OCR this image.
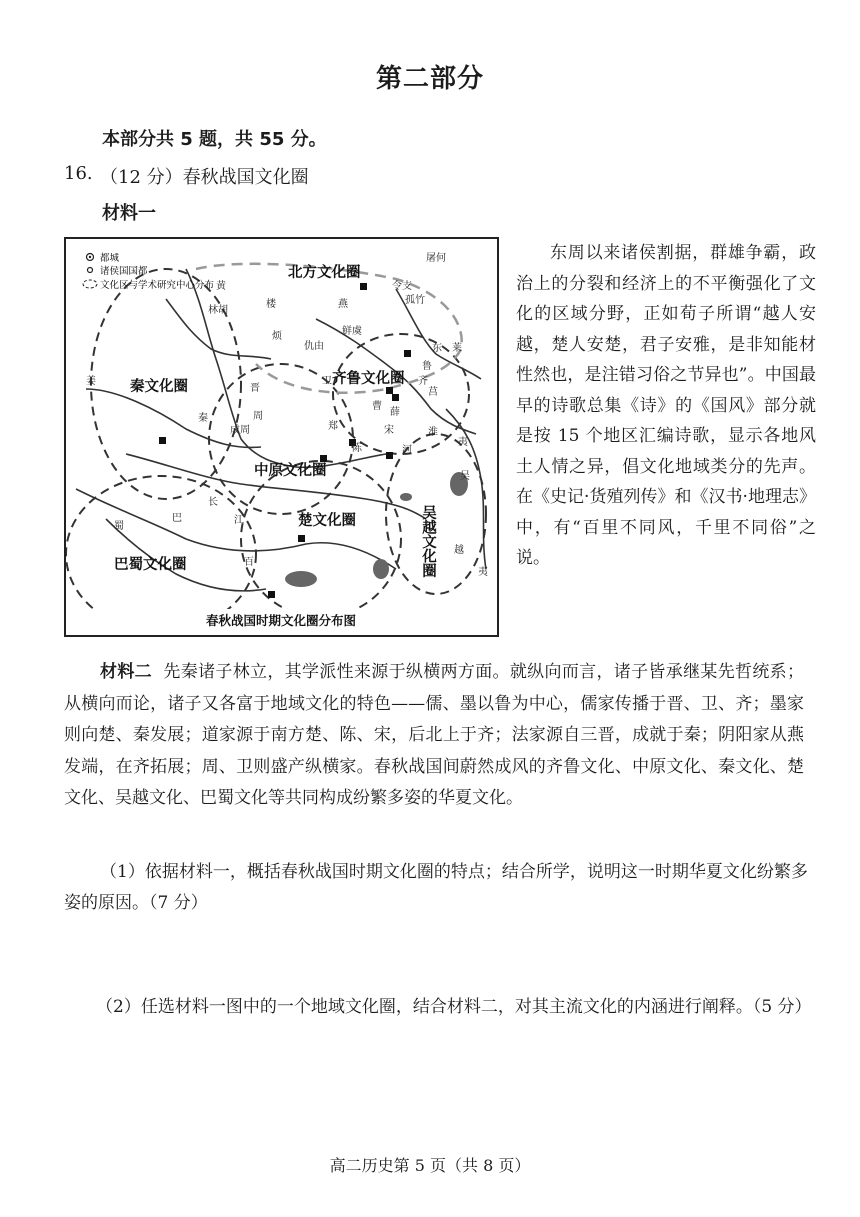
第二部分
本部分共 5 题，共 55 分。
16. （12 分）春秋战国文化圈
材料一
都城
诸侯国国都
文化区与学术研究中心分布
北方文化圈
秦文化圈	齐鲁文化圈
中原文化圈
楚文化圈
巴蜀文化圈	吴越文化圈
屠何
楼
黄
林胡
烦
燕
令支
孤竹
鲜虞
仇由	东 莱
姜
晋
卫	齐
鲁
莒
曹
薛
秦	周
成周	郑	宋	淮
夷
陈	河
蜀
巴
长
江
百
吴
越
夷
春秋战国时期文化圈分布图
东周以来诸侯割据，群雄争霸，政治上的分裂和经济上的不平衡强化了文化的区域分野，正如荀子所谓“越人安越，楚人安楚，君子安雅，是非知能材性然也，是注错习俗之节异也”。中国最早的诗歌总集《诗》的《国风》部分就是按 15 个地区汇编诗歌，显示各地风土人情之异，倡文化地域类分的先声。在《史记·货殖列传》和《汉书·地理志》中，有“百里不同风，千里不同俗”之说。
材料二 先秦诸子林立，其学派性来源于纵横两方面。就纵向而言，诸子皆承继某先哲统系；从横向而论，诸子又各富于地域文化的特色——儒、墨以鲁为中心，儒家传播于晋、卫、齐；墨家则向楚、秦发展；道家源于南方楚、陈、宋，后北上于齐；法家源自三晋，成就于秦；阴阳家从燕发端，在齐拓展；周、卫则盛产纵横家。春秋战国间蔚然成风的齐鲁文化、中原文化、秦文化、楚文化、吴越文化、巴蜀文化等共同构成纷繁多姿的华夏文化。
（1）依据材料一，概括春秋战国时期文化圈的特点；结合所学，说明这一时期华夏文化纷繁多姿的原因。（7 分）
（2）任选材料一图中的一个地域文化圈，结合材料二，对其主流文化的内涵进行阐释。（5 分）
高二历史第 5 页（共 8 页）
